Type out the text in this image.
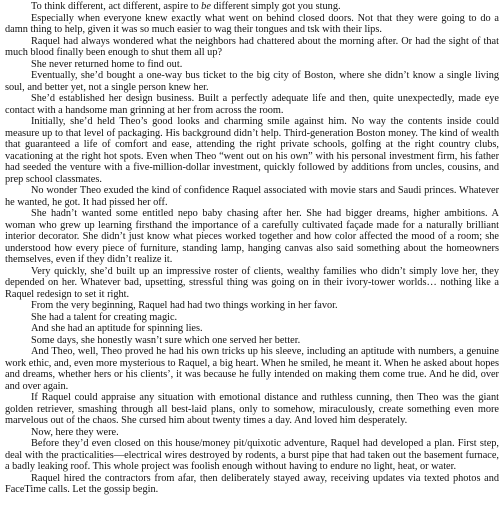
To think different, act different, aspire to be different simply got you stung.

Especially when everyone knew exactly what went on behind closed doors. Not that they were going to do a damn thing to help, given it was so much easier to wag their tongues and tsk with their lips.

Raquel had always wondered what the neighbors had chattered about the morning after. Or had the sight of that much blood finally been enough to shut them all up?

She never returned home to find out.

Eventually, she’d bought a one-way bus ticket to the big city of Boston, where she didn’t know a single living soul, and better yet, not a single person knew her.

She’d established her design business. Built a perfectly adequate life and then, quite unexpectedly, made eye contact with a handsome man grinning at her from across the room.

Initially, she’d held Theo’s good looks and charming smile against him. No way the contents inside could measure up to that level of packaging. His background didn’t help. Third-generation Boston money. The kind of wealth that guaranteed a life of comfort and ease, attending the right private schools, golfing at the right country clubs, vacationing at the right hot spots. Even when Theo “went out on his own” with his personal investment firm, his father had seeded the venture with a five-million-dollar investment, quickly followed by additions from uncles, cousins, and prep school classmates.

No wonder Theo exuded the kind of confidence Raquel associated with movie stars and Saudi princes. Whatever he wanted, he got. It had pissed her off.

She hadn’t wanted some entitled nepo baby chasing after her. She had bigger dreams, higher ambitions. A woman who grew up learning firsthand the importance of a carefully cultivated façade made for a naturally brilliant interior decorator. She didn’t just know what pieces worked together and how color affected the mood of a room; she understood how every piece of furniture, standing lamp, hanging canvas also said something about the homeowners themselves, even if they didn’t realize it.

Very quickly, she’d built up an impressive roster of clients, wealthy families who didn’t simply love her, they depended on her. Whatever bad, upsetting, stressful thing was going on in their ivory-tower worlds… nothing like a Raquel redesign to set it right.

From the very beginning, Raquel had had two things working in her favor.

She had a talent for creating magic.

And she had an aptitude for spinning lies.

Some days, she honestly wasn’t sure which one served her better.

And Theo, well, Theo proved he had his own tricks up his sleeve, including an aptitude with numbers, a genuine work ethic, and, even more mysterious to Raquel, a big heart. When he smiled, he meant it. When he asked about hopes and dreams, whether hers or his clients’, it was because he fully intended on making them come true. And he did, over and over again.

If Raquel could appraise any situation with emotional distance and ruthless cunning, then Theo was the giant golden retriever, smashing through all best-laid plans, only to somehow, miraculously, create something even more marvelous out of the chaos. She cursed him about twenty times a day. And loved him desperately.

Now, here they were.

Before they’d even closed on this house/money pit/quixotic adventure, Raquel had developed a plan. First step, deal with the practicalities—electrical wires destroyed by rodents, a burst pipe that had taken out the basement furnace, a badly leaking roof. This whole project was foolish enough without having to endure no light, heat, or water.

Raquel hired the contractors from afar, then deliberately stayed away, receiving updates via texted photos and FaceTime calls. Let the gossip begin.
